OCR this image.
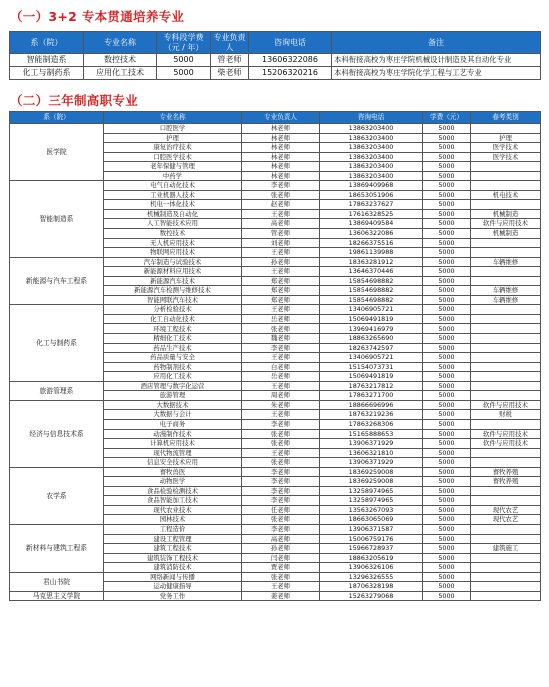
（一）3+2 专本贯通培养专业
系（院）	专业名称	专科段学费（元 / 年）	专业负责人	咨询电话	备注
智能制造系	数控技术	5000	管老师	13606322086	本科衔接高校为枣庄学院机械设计制造及其自动化专业
化工与制药系	应用化工技术	5000	柴老师	15206320216	本科衔接高校为枣庄学院化学工程与工艺专业
（二）三年制高职专业
系（院）	专业名称	专业负责人	咨询电话	学费（元）	春考类别
医学院	口腔医学	林老师	13863203400	5000	
	护理	林老师	13863203400	5000	护理
	康复治疗技术	林老师	13863203400	5000	医学技术
	口腔医学技术	林老师	13863203400	5000	医学技术
	老年保健与管理	林老师	13863203400	5000	
	中药学	林老师	13863203400	5000	
智能制造系	电气自动化技术	李老师	13869409968	5000	
	工业机器人技术	张老师	18653051906	5000	机电技术
	机电一体化技术	赵老师	17863237627	5000	
	机械制造及自动化	王老师	17616328525	5000	机械制造
	人工智能技术应用	高老师	13869409584	5000	软件与应用技术
	数控技术	管老师	13606322086	5000	机械制造
	无人机应用技术	刘老师	18266375516	5000	
	物联网应用技术	王老师	19861139988	5000	
新能源与汽车工程系	汽车制造与试验技术	孙老师	18363281912	5000	车辆维修
	新能源材料应用技术	王老师	13646370446	5000	
	新能源汽车技术	郑老师	15854698882	5000	
	新能源汽车检测与维修技术	郑老师	15854698882	5000	车辆维修
	智能网联汽车技术	郑老师	15854698882	5000	车辆维修
化工与制药系	分析检验技术	王老师	13406905721	5000	
	化工自动化技术	岳老师	15069491819	5000	
	环境工程技术	张老师	13969416979	5000	
	精细化工技术	魏老师	18863265690	5000	
	药品生产技术	李老师	18263742597	5000	
	药品质量与安全	王老师	13406905721	5000	
	药物制剂技术	白老师	15154073731	5000	
	应用化工技术	岳老师	15069491819	5000	
旅游管理系	酒店管理与数字化运营	王老师	18763217812	5000	
	旅游管理	周老师	17863271700	5000	
经济与信息技术系	大数据技术	朱老师	18866696996	5000	软件与应用技术
	大数据与会计	王老师	18763219236	5000	财税
	电子商务	李老师	17863268306	5000	
	动漫制作技术	张老师	15165888653	5000	软件与应用技术
	计算机应用技术	张老师	13906371929	5000	软件与应用技术
	现代物流管理	王老师	13606321810	5000	
	信息安全技术应用	张老师	13906371929	5000	
农学系	畜牧兽医	李老师	18369259008	5000	畜牧养殖
	动物医学	李老师	18369259008	5000	畜牧养殖
	食品检验检测技术	李老师	13258974965	5000	
	食品智能加工技术	李老师	13258974965	5000	
	现代农业技术	任老师	13563267093	5000	现代农艺
	园林技术	张老师	18663065069	5000	现代农艺
新材料与建筑工程系	工程造价	李老师	13906371587	5000	
	建设工程管理	高老师	15006759176	5000	
	建筑工程技术	孙老师	15966728937	5000	建筑施工
	建筑装饰工程技术	闫老师	18863205619	5000	
	建筑消防技术	贾老师	13906326106	5000	
君山书院	网络新闻与传播	张老师	13296326555	5000	
	运动健康指导	王老师	18706328198	5000	
马克思主义学院	党务工作	姜老师	15263279068	5000	
